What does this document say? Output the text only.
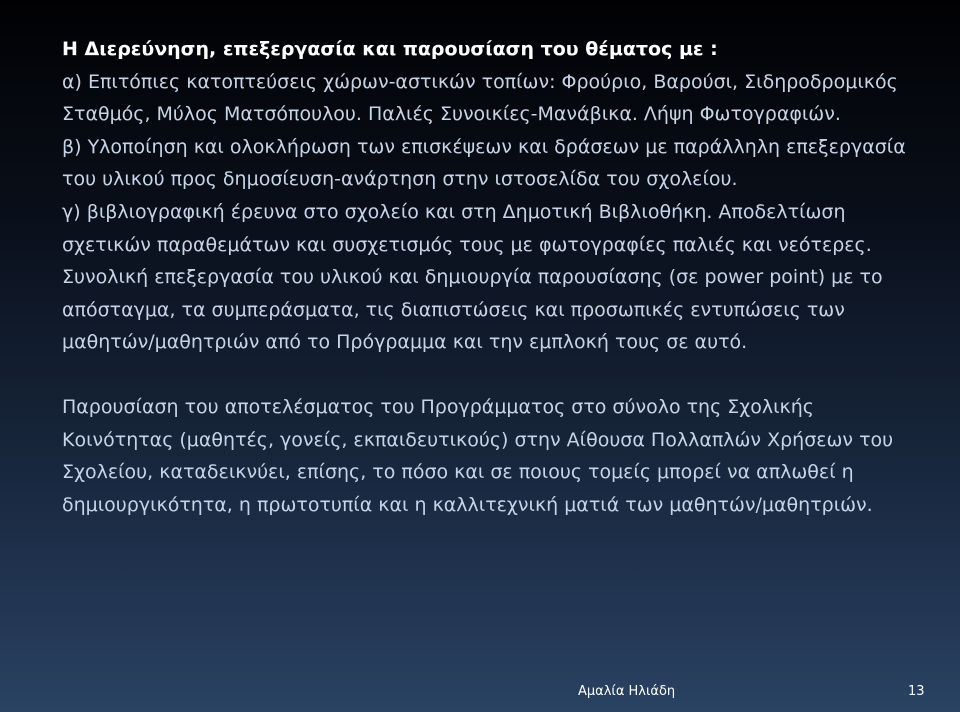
Η Διερεύνηση, επεξεργασία και παρουσίαση του θέματος με :

α) Επιτόπιες κατοπτεύσεις χώρων-αστικών τοπίων: Φρούριο, Βαρούσι, Σιδηροδρομικός Σταθμός, Μύλος Ματσόπουλου. Παλιές Συνοικίες-Μανάβικα. Λήψη Φωτογραφιών.

β) Υλοποίηση και ολοκλήρωση των επισκέψεων και δράσεων με παράλληλη επεξεργασία του υλικού προς δημοσίευση-ανάρτηση στην ιστοσελίδα του σχολείου.

γ) βιβλιογραφική έρευνα στο σχολείο και στη Δημοτική Βιβλιοθήκη. Αποδελτίωση σχετικών παραθεμάτων και συσχετισμός τους με φωτογραφίες παλιές και νεότερες. Συνολική επεξεργασία του υλικού και δημιουργία παρουσίασης (σε power point) με το απόσταγμα, τα συμπεράσματα, τις διαπιστώσεις και προσωπικές εντυπώσεις των μαθητών/μαθητριών από το Πρόγραμμα και την εμπλοκή τους σε αυτό.

Παρουσίαση του αποτελέσματος του Προγράμματος στο σύνολο της Σχολικής Κοινότητας (μαθητές, γονείς, εκπαιδευτικούς) στην Αίθουσα Πολλαπλών Χρήσεων του Σχολείου, καταδεικνύει, επίσης, το πόσο και σε ποιους τομείς μπορεί να απλωθεί η δημιουργικότητα, η πρωτοτυπία και η καλλιτεχνική ματιά των μαθητών/μαθητριών.

Αμαλία Ηλιάδη	13
